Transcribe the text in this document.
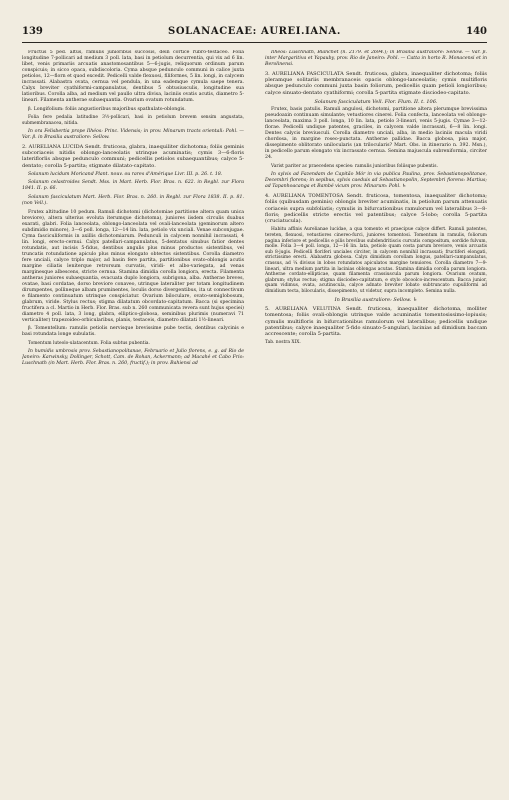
139	SOLANACEAE: AUREI.IANA.	140

Fructus 5 ped. altus, ramulis junioribus succosis, dein cortice rubro-testaceo. Folia longitudine 7-pollicari ad medium 3 poll. lata, basi in petiolum decurrentia, qui vix ad 6 lin. libet, venis primariis arcuatis anastomosantibus 5—6-jugis, reliquorum ordinum parum conspicuis; in sicco opaca, subdiscoloria. Cyma absque pedunculo communi in calice juxta petiolos, 12—florn et quod excedit. Pedicelli valde flexuosi, filiformes, 5 lin. longi, in calycem incrassati. Alabastra ovata, cernua vel pendula, in una eademque cymula saepe tenera. Calyx breviter cyathiformi-campanulatus, dentibus 5 obtusiusculis, longitudine sua latioribus. Corolla alba, ad medium vel paullo ultra divisa, laciniis ovatis acutis, diametro 5-lineari. Filamenta antherae subaequantia. Ovarium ovatum rotundatum.

β. Longifolium: foliis angustioribus majoribus spathulato-oblongis.

Folia fere pedalia latitudine 3½-pollicari, basi in petiolum brevem sensim angustata, submembranacea, nitida.

In ora Felisbertia prope Ilhéos: Princ. Vidensis; in prov. Minarum tracts orientali: Pohl. — Var. β. in Brasilia australiore: Sellow.

2. AURELIANA LUCIDA Sendt. fruticosa, glabra, inaequiliter dichotoma; foliis geminis subcoriaceis nitidis oblongo-lanceolatis utrinque acuminatis; cymis 3—6-floris lateriflorlis absque pedunculo communi; pedicellis petiolos subaequantibus; calyce 5-dentato; corolla 5-partita; stigmate dilatato-capitato.

Solanum lucidum Moricand Plant. nouv. ou rares d'Amérique Livr. III. p. 26. t. 18.

Solanum celastroides Sendt. Mss. in Mart. Herb. Flor. Bras. n. 622. in Regbl. zur Flora 1841. II. p. 66.

Solanum fasciculatum Mart. Herb. Flor. Bras. n. 260. in Regbl. zur Flora 1838. II. p. 81. (non Vell.).

Frutex altitudine 10 pedum. Ramuli dichotomi (dichotomiae partitione altera quam unica breviore), altera ulterius evoluta iterumque dichotoma), juniores iisdem circulis duabus exarati, glabri. Folia lanceolata, oblongo-lanceolata vel ovali-lanceolata (geminorum altero subdimidio minore), 3—6 poll. longa, 12—14 lin. lata, petiolo vix unciali. Venae subconjugae. Cyma fasciculiformis in axillis dichotomiarum. Pedunculi in calycem nonnihil incrassati, 4 lin. longi, erecto-cernui. Calyx patellari-campanulatus, 5-dentatus sinubus fatior dentes rotundatis, aut incisis 5-fidus, dentibus angulis plus minus productos sistentibus, vel truncatis rotundatione apiculo plus minus elongato obtectos sistentibus. Corolla diametro fere unciali, calyce triplo major, ad basin fere partita, partitionibus ovato-oblongis acutis margine ciliatis leniterque retrorsum curvatis, viridi- et albo-variegata, ad venas marginesque albescens, stricte cernua. Stamina dimidia corolla longiora, erecta. Filamenta antheras juniores subaequantia, evacuata duplo longiora, subrigona, alba. Antherae breves, ovatae, basi cordatae, dorso breviore conaveo, utrinque lateraliter per totam longitudinem dirumpentes, pollineque albam pruminentes, loculis dorso divergentibus, ita ut connectivum e filamento continuatum utrinque conspiciatur. Ovarium biloculare, ovato-semiglobosum, glabrum, viride. Stylus rectus; stigma dilatatum obcordato-capitatum. Bacca (si specimina fructifera a cl. Martio in Herb. Flor. Bras. sub n. 260 communicata revera sunt hujus speciei) diametro 4 poll. lata, 3 long, glabra, elliptico-globosa, seminibus plurimis (numeravi 71 verticaliter) trapezoideo-orbicularibus, planis, testaceis, diametro dilatati 1½-lineari.

β. Tomentellum: ramulis petiolis nervisque brevissime pube tectis, dentibus calycinis e basi rotundata longe subulatis.

Tomentum luteolo-ulatacentum. Folia subtus pubentia.

In humidis umbrosis prov. Sebastianopolitanae, Februario et Julio florens, e. g. ad Rio de Janeiro: Karwinsky, Dollinger, Schott, Cam. de Rohan, Ackermann; ad Macahé et Cabo Frio: Luschnath (in Mart. Herb. Flor. Bras. n. 260, fructif.); in prov. Bahiensi ad

Ilhéos: Luschnath, Blanchet (n. 2179. et 2694.); in Brasilia australiore: Sellow. — Var. β. inter Margaritiva et Yapauby, prov. Rio de Janeiro: Pohl. — Catta in horto R. Monacensi et in Berolinensi.

3. AURELIANA FASCICULATA Sendt. fruticosa, glabra, inaequaliter dichotoma; foliis pleramque solitariis membranaceis opacis oblongo-lanceolatis; cymis multifloris absque pedunculo communi juxta basin foliorum, pedicellis quam petioli longioribus; calyce sinuato-dentato cyathiformi; corolla 5-partita stigmate disciodeo-capitato.

Solanum fasciculatum Vell. Flor. Flum. II. t. 106.

Frutex, basis patulis. Ramuli angulosi, dichotomi, partitione altera plerumque brevissima pseudoaxin continuam simulante; vetustiores cinerei. Folia confecta, lanceolata vel oblongo-lanceolata, maxima 3 poll. longa, 10 lin. lata, petiolo 3-lineari, venis 5-jugis. Cymae 3—12-florae. Pedicelli undique patentes, graciles, in calycem valde incrassati, 6—8 lin. longi. Dentes calycis breviusculi. Corolla diametro unciali, alba, in medio laciniis macula viridi chordosa, in margine roseo-punctata. Antherae pallidae. Bacca globosa, pisa major, dissepimento oblitorato unilocularis (an trilocularis? Mart. Obs. in itinerario n. 392. Msn.), in pedicello parum elongato vix incrassato cernua. Semina majuscula subreniformia, circiter 24.

Varist pariter ac praecedens species: ramulis junioribus foliisque pubentis.

In sylvis ad Fazendam de Capitão Mór in via publica Paulina, prov. Sebastianopolitanae, Decembri florens; in sepibus, sylvis caeduis ad Sebastianopolin, Septembri florens: Martius; ad Tapanhoacanga et Bambé vicum prov. Minarum: Pohl. ♄

4. AURELIANA TOMENTOSA Sendt. fruticosa, tomentosa, inaequaliter dichotoma; foliis (quibusdam geminis) oblongis breviter acuminatis, in petiolum parum attenuatis coriaceis supra subfoliatis; cymulis in bifurcationibus ramulorum vel lateralibus 3—8-floris; pedicellis stricte erectis vel patentibus; calyce 5-lobo; corolla 5-partita (cruciatucula).

Habitu affinis Aurelianae lucidae, a qua tomento et praecipue calyce differt. Ramuli patentes, tereten, flexuosi, vetustiores cinereo-furci, juniores tomentosi. Tomentum in ramulis, foliorum pagina inferiore et pedicellis e pilis brevibus subdendritiscis curvatis compositum, sordide fulvum, molle. Folia 3—4 poll. longa, 12—16 lin. lata, petiolo quam costa parum breviore, venis arcuatis sub 8-jugis. Pedicelli floriferi unciales circiter, in calycem nonnihil incrassati; fructiferi elongati, strictissime erecti. Alabastra globosa. Calyx dimidium corollam longus, patellari-campanulatus, crassus, ad ¼ divisus in lobos rotundatos apiculatos margine tenuiores. Corolla diametro 7—9-lineari, ultra medium partita in lacinias oblongas acutas. Stamina dimidia corolla parum longiora. Antherae cordato-ellipticae, quam filamenta crassiuscula parum longiora. Ovarium ovatum, glabrum; stylus rectus; stigma disciodeo-capitatum, e stylo obcoolco-increscentum. Bacca junior, quam vidimus, ovata, acutinscula, calyce adnato breviter lobato subtruncato cupuliformi ad dimidium tecta, bilocularis, dissepimento, ut videtur, supra incompleto. Semina nulla.

In Brasilia australiore: Sellow. ♄

5. AURELIANA VELUTINA Sendt. fruticosa, inaequaliter dichotoma, molliter tomentosa; foliis ovali-oblongis utrinque valde acuminatis tomentosissimo-lopiusis; cymulis multifloris in bifurcationibus ramulorum vel lateralibus; pedicellis undique patentibus; calyce inaequaliter 5-fido sinuato-5-angulari, lacinias ad dimidium baccam accrescente; corolla 5-partita.

Tab. nostra XIX.
